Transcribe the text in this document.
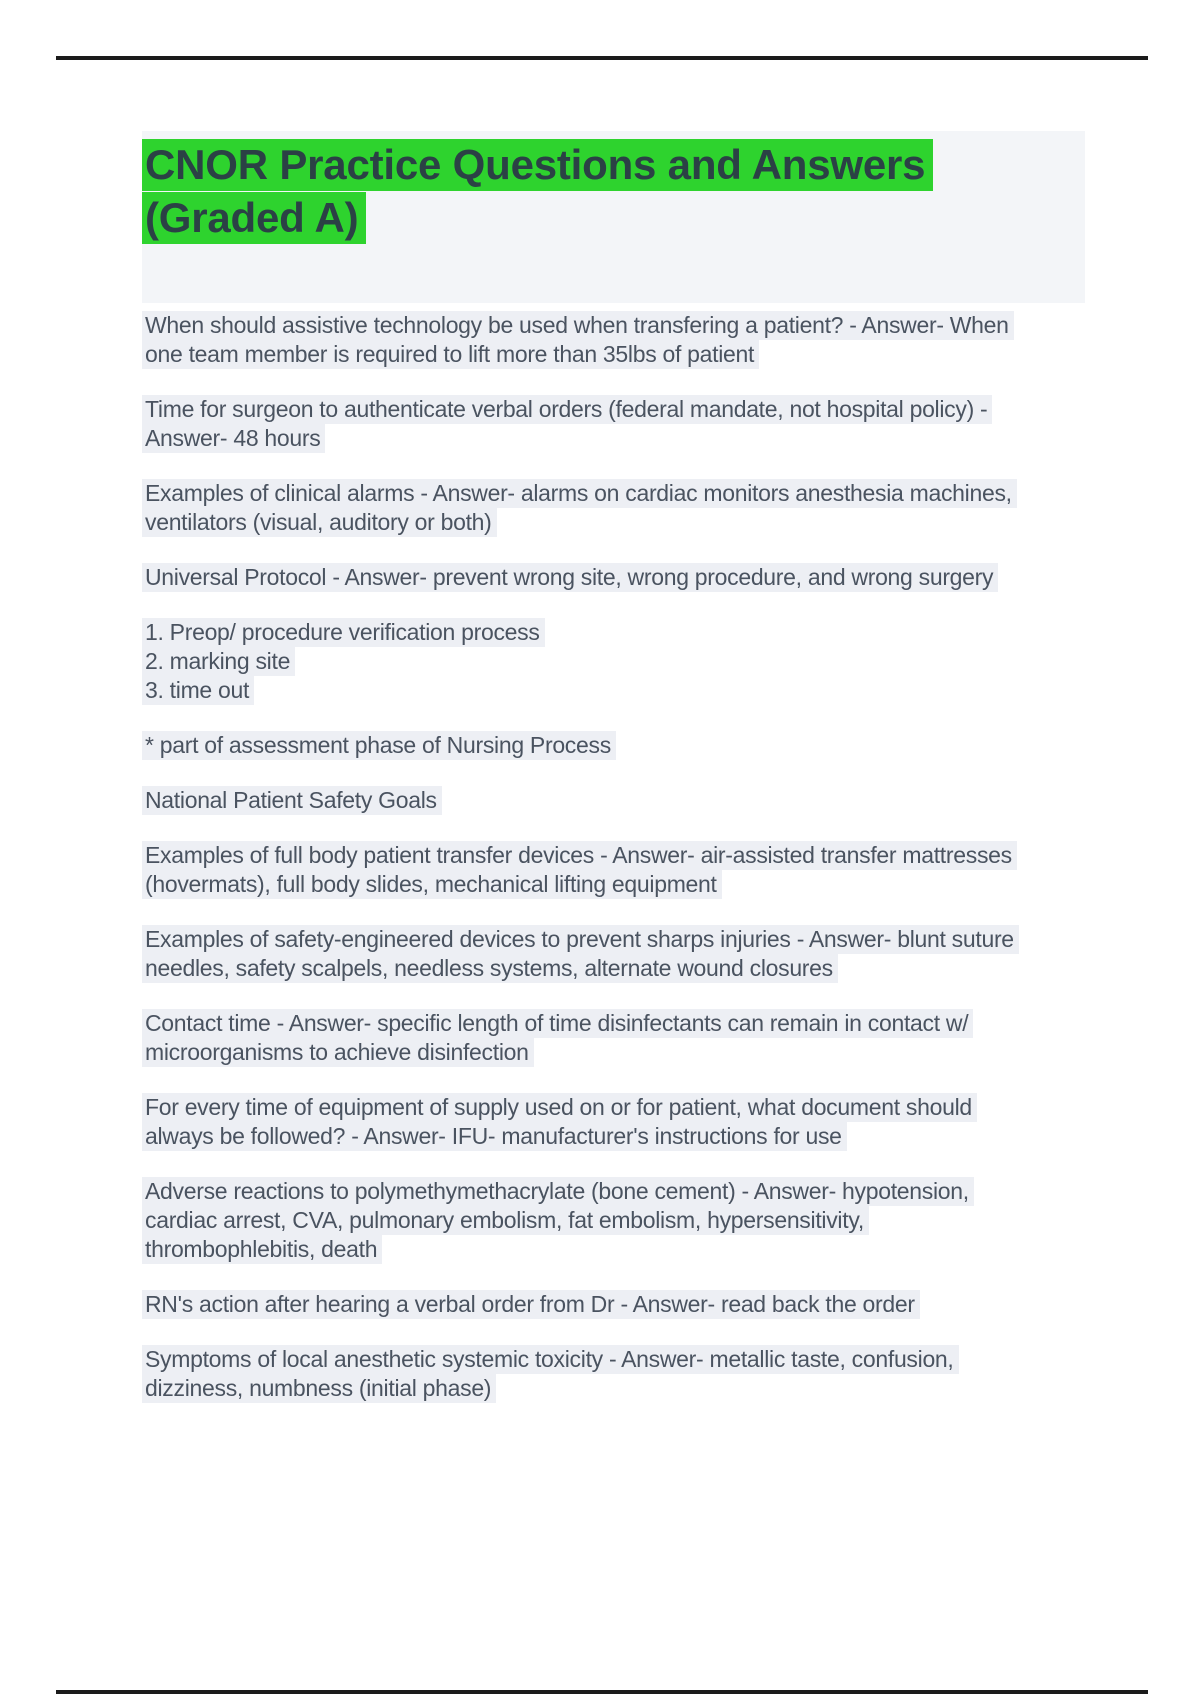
CNOR Practice Questions and Answers
(Graded A)
When should assistive technology be used when transfering a patient? - Answer- When
one team member is required to lift more than 35lbs of patient
Time for surgeon to authenticate verbal orders (federal mandate, not hospital policy) -
Answer- 48 hours
Examples of clinical alarms - Answer- alarms on cardiac monitors anesthesia machines,
ventilators (visual, auditory or both)
Universal Protocol - Answer- prevent wrong site, wrong procedure, and wrong surgery
1. Preop/ procedure verification process
2. marking site
3. time out
* part of assessment phase of Nursing Process
National Patient Safety Goals
Examples of full body patient transfer devices - Answer- air-assisted transfer mattresses
(hovermats), full body slides, mechanical lifting equipment
Examples of safety-engineered devices to prevent sharps injuries - Answer- blunt suture
needles, safety scalpels, needless systems, alternate wound closures
Contact time - Answer- specific length of time disinfectants can remain in contact w/
microorganisms to achieve disinfection
For every time of equipment of supply used on or for patient, what document should
always be followed? - Answer- IFU- manufacturer's instructions for use
Adverse reactions to polymethymethacrylate (bone cement) - Answer- hypotension,
cardiac arrest, CVA, pulmonary embolism, fat embolism, hypersensitivity,
thrombophlebitis, death
RN's action after hearing a verbal order from Dr - Answer- read back the order
Symptoms of local anesthetic systemic toxicity - Answer- metallic taste, confusion,
dizziness, numbness (initial phase)
